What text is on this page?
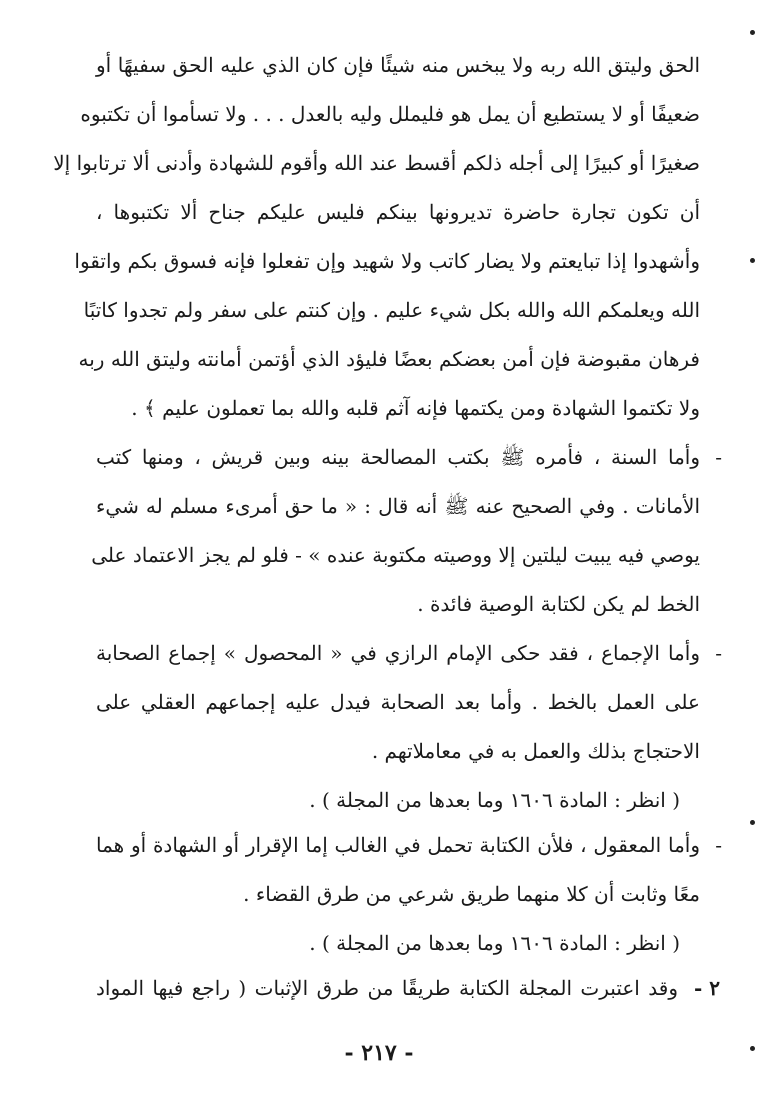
الحق وليتق الله ربه ولا يبخس منه شيئًا فإن كان الذي عليه الحق سفيهًا أو
ضعيفًا أو لا يستطيع أن يمل هو فليملل وليه بالعدل . . . ولا تسأموا أن تكتبوه
صغيرًا أو كبيرًا إلى أجله ذلكم أقسط عند الله وأقوم للشهادة وأدنى ألا ترتابوا إلا
أن تكون تجارة حاضرة تديرونها بينكم فليس عليكم جناح ألا تكتبوها ،
وأشهدوا إذا تبايعتم ولا يضار كاتب ولا شهيد وإن تفعلوا فإنه فسوق بكم واتقوا
الله ويعلمكم الله والله بكل شيء عليم . وإن كنتم على سفر ولم تجدوا كاتبًا
فرهان مقبوضة فإن أمن بعضكم بعضًا فليؤد الذي أؤتمن أمانته وليتق الله ربه
ولا تكتموا الشهادة ومن يكتمها فإنه آثم قلبه والله بما تعملون عليم ﴾ .
-
وأما السنة ، فأمره ﷺ بكتب المصالحة بينه وبين قريش ، ومنها كتب
الأمانات . وفي الصحيح عنه ﷺ أنه قال : « ما حق أمرىء مسلم له شيء
يوصي فيه يبيت ليلتين إلا ووصيته مكتوبة عنده » - فلو لم يجز الاعتماد على
الخط لم يكن لكتابة الوصية فائدة .
-
وأما الإجماع ، فقد حكى الإمام الرازي في « المحصول » إجماع الصحابة
على العمل بالخط . وأما بعد الصحابة فيدل عليه إجماعهم العقلي على
الاحتجاج بذلك والعمل به في معاملاتهم .
( انظر : المادة ١٦٠٦ وما بعدها من المجلة ) .
-
وأما المعقول ، فلأن الكتابة تحمل في الغالب إما الإقرار أو الشهادة أو هما
معًا وثابت أن كلا منهما طريق شرعي من طرق القضاء .
( انظر : المادة ١٦٠٦ وما بعدها من المجلة ) .
٢ -
وقد اعتبرت المجلة الكتابة طريقًا من طرق الإثبات ( راجع فيها المواد
- ٢١٧ -
